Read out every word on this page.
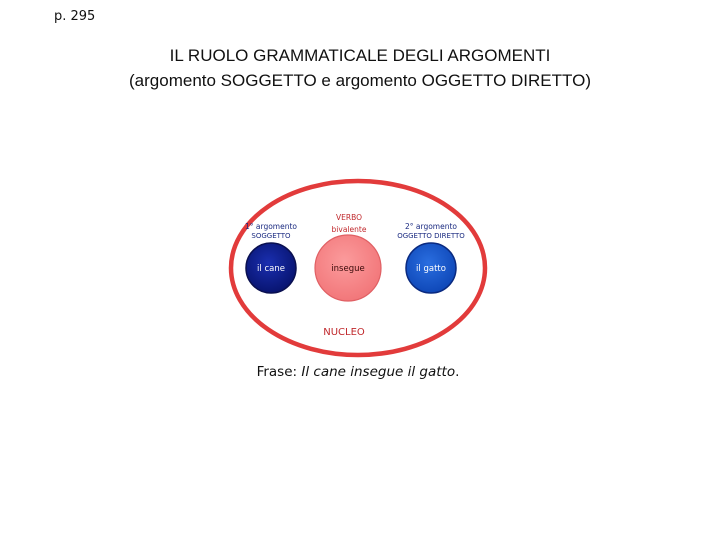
p. 295
IL RUOLO GRAMMATICALE DEGLI ARGOMENTI
(argomento SOGGETTO e argomento OGGETTO DIRETTO)
1° argomento
SOGGETTO
VERBO
bivalente	2° argomento
OGGETTO DIRETTO
il cane	insegue	il gatto
NUCLEO
Frase: Il cane insegue il gatto.
